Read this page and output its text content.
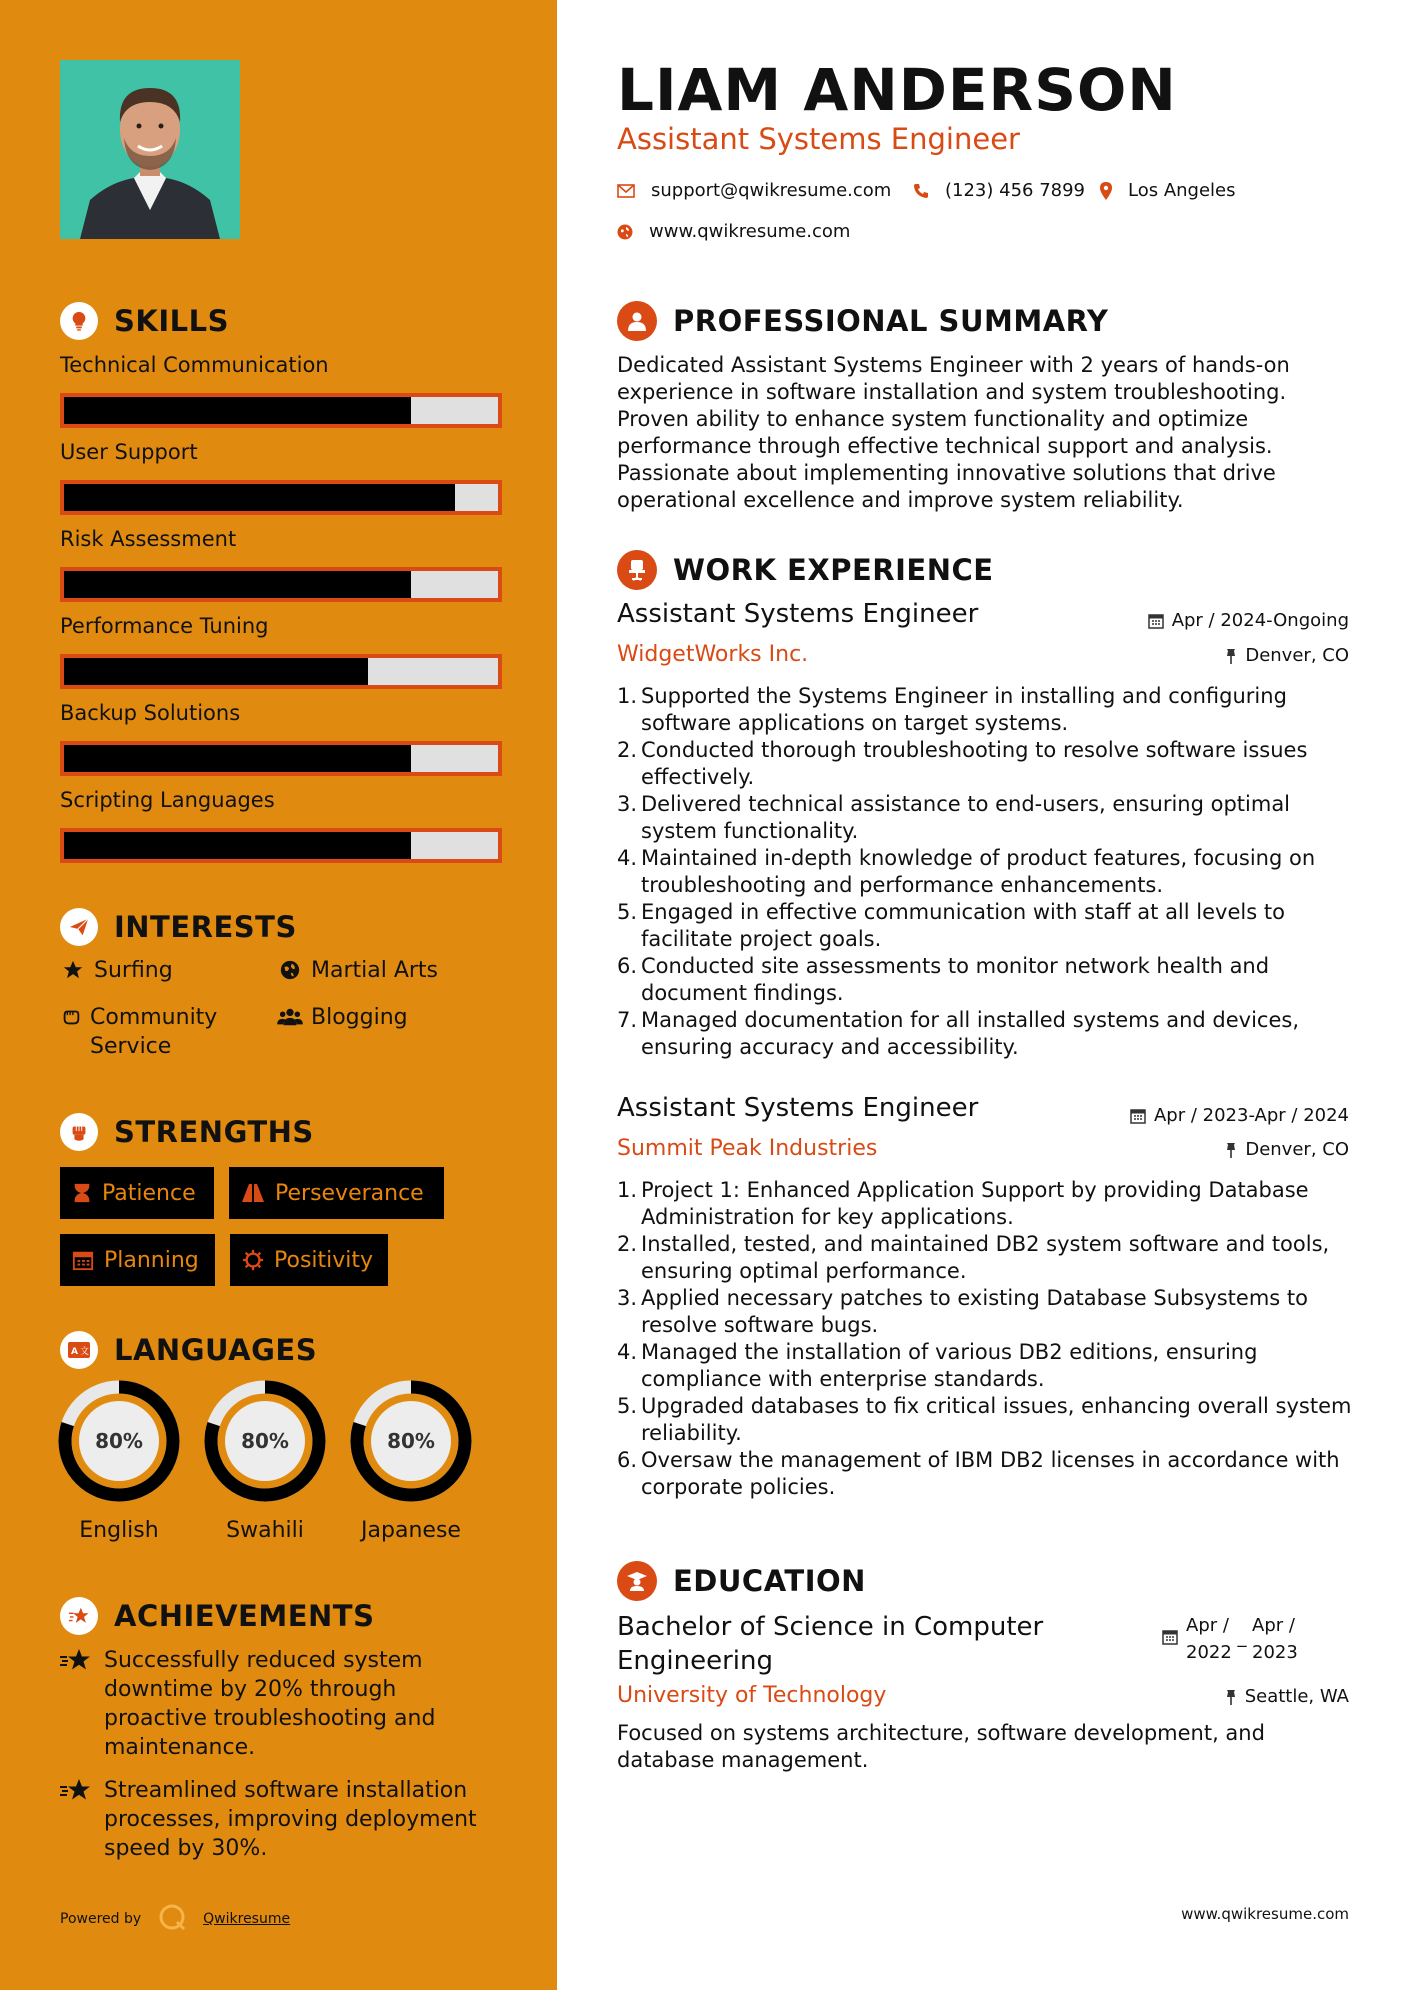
SKILLS
Technical Communication
User Support
Risk Assessment
Performance Tuning
Backup Solutions
Scripting Languages
INTERESTS
Surfing	Martial Arts
Community Service
Blogging
STRENGTHS
Patience	Perseverance
Planning	Positivity
A 文 LANGUAGES
80%
English
80%
Swahili
80%
Japanese
ACHIEVEMENTS
Successfully reduced system downtime by 20% through proactive troubleshooting and maintenance.
Streamlined software installation processes, improving deployment speed by 30%.
Powered by	Qwikresume
LIAM ANDERSON
Assistant Systems Engineer
support@qwikresume.com	(123) 456 7899 Los Angeles
www.qwikresume.com
PROFESSIONAL SUMMARY
Dedicated Assistant Systems Engineer with 2 years of hands-on experience in software installation and system troubleshooting. Proven ability to enhance system functionality and optimize performance through effective technical support and analysis. Passionate about implementing innovative solutions that drive operational excellence and improve system reliability.
WORK EXPERIENCE
Assistant Systems Engineer	Apr / 2024-Ongoing
WidgetWorks Inc.	Denver, CO
1. Supported the Systems Engineer in installing and configuring software applications on target systems.
2. Conducted thorough troubleshooting to resolve software issues effectively.
3. Delivered technical assistance to end-users, ensuring optimal system functionality.
4. Maintained in-depth knowledge of product features, focusing on troubleshooting and performance enhancements.
5. Engaged in effective communication with staff at all levels to facilitate project goals.
6. Conducted site assessments to monitor network health and document findings.
7. Managed documentation for all installed systems and devices, ensuring accuracy and accessibility.
Assistant Systems Engineer	Apr / 2023-Apr / 2024
Summit Peak Industries	Denver, CO
1. Project 1: Enhanced Application Support by providing Database Administration for key applications.
2. Installed, tested, and maintained DB2 system software and tools, ensuring optimal performance.
3. Applied necessary patches to existing Database Subsystems to resolve software bugs.
4. Managed the installation of various DB2 editions, ensuring compliance with enterprise standards.
5. Upgraded databases to fix critical issues, enhancing overall system reliability.
6. Oversaw the management of IBM DB2 licenses in accordance with corporate policies.
EDUCATION
Bachelor of Science in Computer Engineering
Apr /
2022
_
Apr /
2023
University of Technology	Seattle, WA
Focused on systems architecture, software development, and database management.
www.qwikresume.com
